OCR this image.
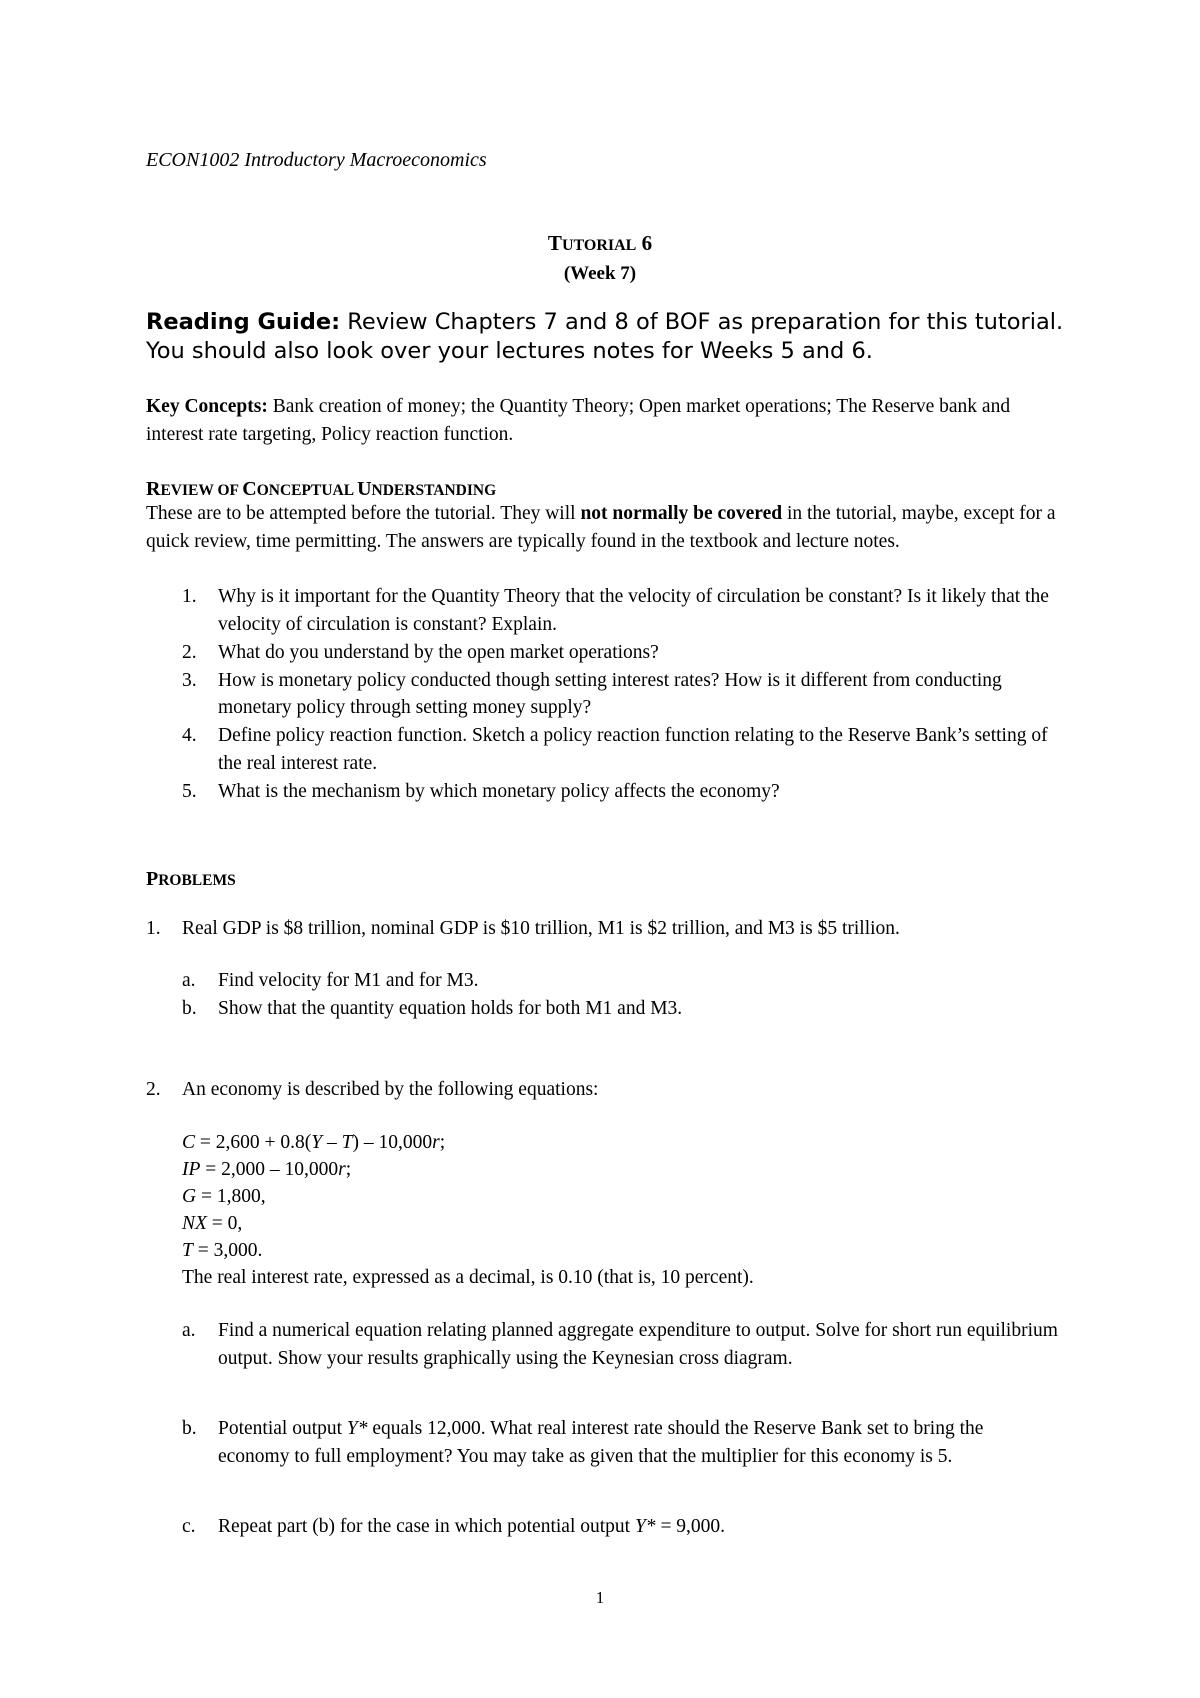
ECON1002 Introductory Macroeconomics
TUTORIAL 6
(Week 7)
Reading Guide: Review Chapters 7 and 8 of BOF as preparation for this tutorial. You should also look over your lectures notes for Weeks 5 and 6.
Key Concepts: Bank creation of money; the Quantity Theory; Open market operations; The Reserve bank and interest rate targeting, Policy reaction function.
REVIEW OF CONCEPTUAL UNDERSTANDING
These are to be attempted before the tutorial. They will not normally be covered in the tutorial, maybe, except for a quick review, time permitting. The answers are typically found in the textbook and lecture notes.
1. Why is it important for the Quantity Theory that the velocity of circulation be constant? Is it likely that the velocity of circulation is constant? Explain.
2. What do you understand by the open market operations?
3. How is monetary policy conducted though setting interest rates? How is it different from conducting monetary policy through setting money supply?
4. Define policy reaction function. Sketch a policy reaction function relating to the Reserve Bank’s setting of the real interest rate.
5. What is the mechanism by which monetary policy affects the economy?
PROBLEMS
1. Real GDP is $8 trillion, nominal GDP is $10 trillion, M1 is $2 trillion, and M3 is $5 trillion.
a. Find velocity for M1 and for M3.
b. Show that the quantity equation holds for both M1 and M3.
2. An economy is described by the following equations:
C = 2,600 + 0.8(Y – T) – 10,000r;
IP = 2,000 – 10,000r;
G = 1,800,
NX = 0,
T = 3,000.
The real interest rate, expressed as a decimal, is 0.10 (that is, 10 percent).
a. Find a numerical equation relating planned aggregate expenditure to output. Solve for short run equilibrium output. Show your results graphically using the Keynesian cross diagram.
b. Potential output Y* equals 12,000. What real interest rate should the Reserve Bank set to bring the economy to full employment? You may take as given that the multiplier for this economy is 5.
c. Repeat part (b) for the case in which potential output Y* = 9,000.
1
